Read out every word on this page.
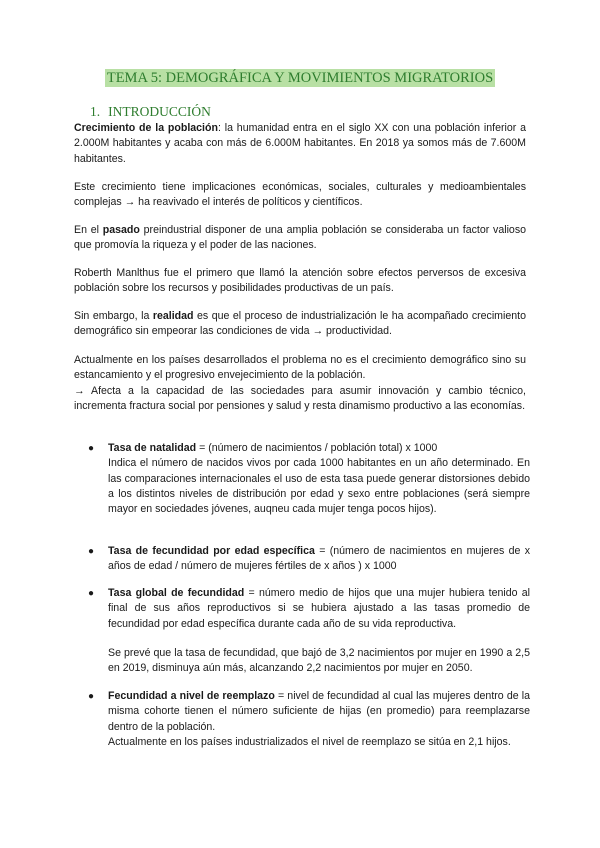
TEMA 5: DEMOGRÁFICA Y MOVIMIENTOS MIGRATORIOS
1. INTRODUCCIÓN
Crecimiento de la población: la humanidad entra en el siglo XX con una población inferior a 2.000M habitantes y acaba con más de 6.000M habitantes. En 2018 ya somos más de 7.600M habitantes.
Este crecimiento tiene implicaciones económicas, sociales, culturales y medioambientales complejas → ha reavivado el interés de políticos y científicos.
En el pasado preindustrial disponer de una amplia población se consideraba un factor valioso que promovía la riqueza y el poder de las naciones.
Roberth Manlthus fue el primero que llamó la atención sobre efectos perversos de excesiva población sobre los recursos y posibilidades productivas de un país.
Sin embargo, la realidad es que el proceso de industrialización le ha acompañado crecimiento demográfico sin empeorar las condiciones de vida → productividad.
Actualmente en los países desarrollados el problema no es el crecimiento demográfico sino su estancamiento y el progresivo envejecimiento de la población.
→ Afecta a la capacidad de las sociedades para asumir innovación y cambio técnico, incrementa fractura social por pensiones y salud y resta dinamismo productivo a las economías.
● Tasa de natalidad = (número de nacimientos / población total) x 1000
Indica el número de nacidos vivos por cada 1000 habitantes en un año determinado. En las comparaciones internacionales el uso de esta tasa puede generar distorsiones debido a los distintos niveles de distribución por edad y sexo entre poblaciones (será siempre mayor en sociedades jóvenes, auqneu cada mujer tenga pocos hijos).
● Tasa de fecundidad por edad específica = (número de nacimientos en mujeres de x años de edad / número de mujeres fértiles de x años ) x 1000
● Tasa global de fecundidad = número medio de hijos que una mujer hubiera tenido al final de sus años reproductivos si se hubiera ajustado a las tasas promedio de fecundidad por edad específica durante cada año de su vida reproductiva.
Se prevé que la tasa de fecundidad, que bajó de 3,2 nacimientos por mujer en 1990 a 2,5 en 2019, disminuya aún más, alcanzando 2,2 nacimientos por mujer en 2050.
● Fecundidad a nivel de reemplazo = nivel de fecundidad al cual las mujeres dentro de la misma cohorte tienen el número suficiente de hijas (en promedio) para reemplazarse dentro de la población.
Actualmente en los países industrializados el nivel de reemplazo se sitúa en 2,1 hijos.
